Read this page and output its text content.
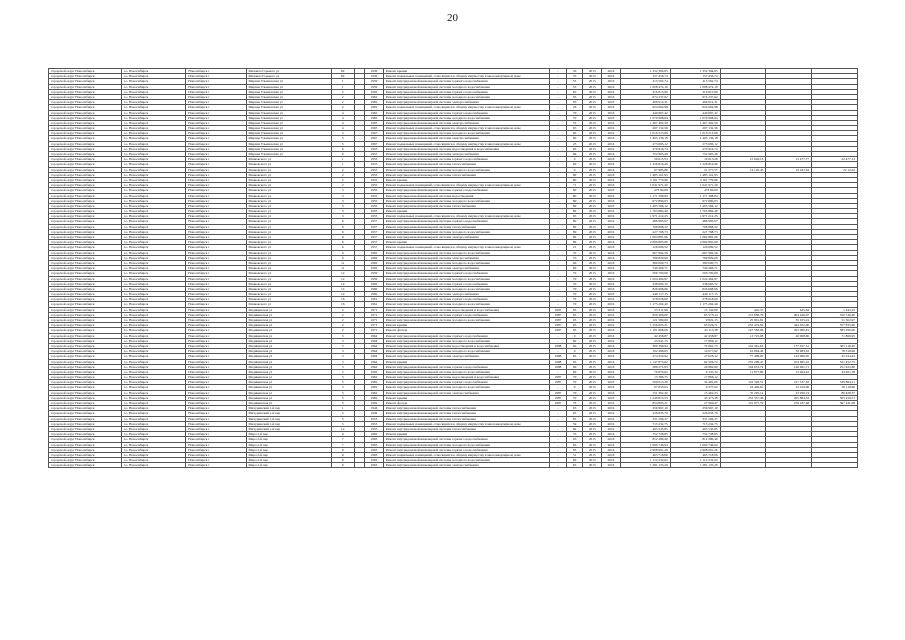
20
городской округ Новосибирск	г.о. Новосибирск	Новосибирск г	Михаила Горького ул	82		1939	Ремонт крыши	-	50	2015	2016	1 352 384,65	1 352 384,65			
городской округ Новосибирск	г.о. Новосибирск	Новосибирск г	Михаила Горького ул	82		1939	Ремонт подвальных помещений, относящихся к общему имуществу в многоквартирном доме	-	55	2015	2016	157 456,74	157 456,74			
городской округ Новосибирск	г.о. Новосибирск	Новосибирск г	Мирная Ульяновская ул	1		1959	Ремонт внутридомовой инженерной системы горячего водоснабжения	-	53	2015	2016	415 562,74	415 562,74			
городской округ Новосибирск	г.о. Новосибирск	Новосибирск г	Мирная Ульяновская ул	1		1959	Ремонт внутридомовой инженерной системы холодного водоснабжения	-	55	2015	2016	1 008 474,10	1 008 474,10			
городской округ Новосибирск	г.о. Новосибирск	Новосибирск г	Мирная Ульяновская ул	2		1962	Ремонт внутридомовой инженерной системы горячего водоснабжения	-	65	2015	2016	316 815,60	316 815,60			
городской округ Новосибирск	г.о. Новосибирск	Новосибирск г	Мирная Ульяновская ул	2		1962	Ремонт внутридомовой инженерной системы холодного водоснабжения	-	65	2015	2016	674 237,62	674 237,62			
городской округ Новосибирск	г.о. Новосибирск	Новосибирск г	Мирная Ульяновская ул	2		1962	Ремонт внутридомовой инженерной системы электроснабжения	-	65	2015	2016	406 912,31	406 912,31			
городской округ Новосибирск	г.о. Новосибирск	Новосибирск г	Мирная Ульяновская ул	2		1962	Ремонт подвальных помещений, относящихся к общему имуществу в многоквартирном доме	-	26	2015	2016	624 964,98	624 964,98			
городской округ Новосибирск	г.о. Новосибирск	Новосибирск г	Мирная Ульяновская ул	4		1965	Ремонт внутридомовой инженерной системы горячего водоснабжения	-	70	2015	2016	440 667,42	440 667,42			
городской округ Новосибирск	г.о. Новосибирск	Новосибирск г	Мирная Ульяновская ул	4		1965	Ремонт внутридомовой инженерной системы холодного водоснабжения	-	70	2015	2016	1 079 908,64	1 079 908,64			
городской округ Новосибирск	г.о. Новосибирск	Новосибирск г	Мирная Ульяновская ул	4		1965	Ремонт внутридомовой инженерной системы электроснабжения	-	70	2015	2016	1 467 462,59	1 467 462,59			
городской округ Новосибирск	г.о. Новосибирск	Новосибирск г	Мирная Ульяновская ул	4		1965	Ремонт подвальных помещений, относящихся к общему имуществу в многоквартирном доме	-	65	2015	2016	297 132,56	297 132,56			
городской округ Новосибирск	г.о. Новосибирск	Новосибирск г	Мирная Ульяновская ул	5		1967	Ремонт внутридомовой инженерной системы холодного водоснабжения	-	60	2015	2016	1 016 213,69	1 016 213,69			
городской округ Новосибирск	г.о. Новосибирск	Новосибирск г	Мирная Ульяновская ул	5		1967	Ремонт внутридомовой инженерной системы электроснабжения	-	60	2015	2016	1 405 136,18	1 405 136,18			
городской округ Новосибирск	г.о. Новосибирск	Новосибирск г	Мирная Ульяновская ул	5		1967	Ремонт подвальных помещений, относящихся к общему имуществу в многоквартирном доме	-	25	2015	2016	273 695,12	273 695,12			
городской округ Новосибирск	г.о. Новосибирск	Новосибирск г	Мирная Ульяновская ул	6		1955	Ремонт внутридомовой инженерной системы водоотведения и водоснабжения	-	60	2015	2016	270 916,74	270 916,74			
городской округ Новосибирск	г.о. Новосибирск	Новосибирск г	Мирная Ульяновская ул	6		1955	Ремонт внутридомовой инженерной системы электроснабжения	-	69	2015	2016	752 905,46	752 905,46			
городской округ Новосибирск	г.о. Новосибирск	Новосибирск г	Маяковского ул	1		1955	Ремонт внутридомовой инженерной системы горячего водоснабжения	-	0	2015	2016	50 615,53	19 613,29	15 626,13	15 477,77	22 477,13
городской округ Новосибирск	г.о. Новосибирск	Новосибирск г	Маяковского ул	1		1955	Ремонт внутридомовой инженерной системы теплоснабжения	-	60	2015	2016	1 226 816,40	1 226 816,40			
городской округ Новосибирск	г.о. Новосибирск	Новосибирск г	Маяковского ул	2		1955	Ремонт внутридомовой инженерной системы холодного водоснабжения	-	0	2015	2016	67 985,86	21 377,57	14 120,45	19 247,63	22 12,02
городской округ Новосибирск	г.о. Новосибирск	Новосибирск г	Маяковского ул	2		1955	Ремонт внутридомовой инженерной системы теплоснабжения	-	80	2015	2016	1 485 101,95	1 485 101,95			
городской округ Новосибирск	г.о. Новосибирск	Новосибирск г	Маяковского ул	2		1955	Ремонт крыши	-	80	2015	2016	3 161 779,66	3 161 779,66			
городской округ Новосибирск	г.о. Новосибирск	Новосибирск г	Маяковского ул	2		1955	Ремонт подвальных помещений, относящихся к общему имуществу в многоквартирном доме	-	71	2015	2016	1 041 971,20	1 041 971,20			
городской округ Новосибирск	г.о. Новосибирск	Новосибирск г	Маяковского ул	3		1955	Ремонт внутридомовой инженерной системы горячего водоснабжения	-	60	2015	2016	473 84,69	473 84,69			
городской округ Новосибирск	г.о. Новосибирск	Новосибирск г	Маяковского ул	3		1955	Ремонт внутридомовой инженерной системы водоотведения	-	80	2015	2016	1 171 398,84	1 171 398,84			
городской округ Новосибирск	г.о. Новосибирск	Новосибирск г	Маяковского ул	3		1955	Ремонт внутридомовой инженерной системы холодного водоснабжения	-	80	2015	2016	672 890,03	672 890,03			
городской округ Новосибирск	г.о. Новосибирск	Новосибирск г	Маяковского ул	3		1955	Ремонт внутридомовой инженерной системы теплоснабжения	-	80	2015	2016	1 405 566,12	1 405 566,12			
городской округ Новосибирск	г.о. Новосибирск	Новосибирск г	Маяковского ул	3		1955	Ремонт крыши	-	80	2015	2016	1 763 884,40	1 763 884,40			
городской округ Новосибирск	г.о. Новосибирск	Новосибирск г	Маяковского ул	3		1955	Ремонт подвальных помещений, относящихся к общему имуществу в многоквартирном доме	-	65	2015	2016	1 971 212,25	1 971 212,25			
городской округ Новосибирск	г.о. Новосибирск	Новосибирск г	Маяковского ул	6		1957	Ремонт внутридомовой инженерной системы горячего водоснабжения	-	80	2015	2016	486 983,67	486 983,67			
городской округ Новосибирск	г.о. Новосибирск	Новосибирск г	Маяковского ул	6		1957	Ремонт внутридомовой инженерной системы теплоснабжения	-	80	2015	2016	768 868,32	768 868,32			
городской округ Новосибирск	г.о. Новосибирск	Новосибирск г	Маяковского ул	6		1957	Ремонт внутридомовой инженерной системы холодного водоснабжения	-	80	2015	2016	227 768,73	227 768,73			
городской округ Новосибирск	г.о. Новосибирск	Новосибирск г	Маяковского ул	6		1957	Ремонт внутридомовой инженерной системы электроснабжения	-	80	2015	2016	1 064 881,06	1 064 881,06			
городской округ Новосибирск	г.о. Новосибирск	Новосибирск г	Маяковского ул	6		1957	Ремонт крыши	-	80	2015	2016	2 669 865,60	2 669 865,60			
городской округ Новосибирск	г.о. Новосибирск	Новосибирск г	Маяковского ул	6		1957	Ремонт подвальных помещений, относящихся к общему имуществу в многоквартирном доме	-	21	2015	2016	126 699,52	126 699,52			
городской округ Новосибирск	г.о. Новосибирск	Новосибирск г	Маяковского ул	9		1962	Ремонт внутридомовой инженерной системы холодного водоснабжения	-	70	2015	2016	667 992,56	667 992,56			
городской округ Новосибирск	г.о. Новосибирск	Новосибирск г	Маяковского ул	9		1962	Ремонт внутридомовой инженерной системы электроснабжения	-	70	2015	2016	769 829,09	769 829,09			
городской округ Новосибирск	г.о. Новосибирск	Новосибирск г	Маяковского ул	11		1962	Ремонт внутридомовой инженерной системы холодного водоснабжения	-	60	2015	2016	380 000,73	380 000,73			
городской округ Новосибирск	г.о. Новосибирск	Новосибирск г	Маяковского ул	11		1962	Ремонт внутридомовой инженерной системы электроснабжения	-	60	2015	2016	749 466,71	749 466,71			
городской округ Новосибирск	г.о. Новосибирск	Новосибирск г	Маяковского ул	12		1959	Ремонт внутридомовой инженерной системы горячего водоснабжения	-	70	2015	2016	506 700,09	506 700,09			
городской округ Новосибирск	г.о. Новосибирск	Новосибирск г	Маяковского ул	12		1959	Ремонт внутридомовой инженерной системы холодного водоснабжения	-	70	2015	2016	1 024 464,97	1 024 464,97			
городской округ Новосибирск	г.о. Новосибирск	Новосибирск г	Маяковского ул	14		1960	Ремонт внутридомовой инженерной системы горячего водоснабжения	-	70	2015	2016	238 693,32	238 693,32			
городской округ Новосибирск	г.о. Новосибирск	Новосибирск г	Маяковского ул	14		1960	Ремонт внутридомовой инженерной системы холодного водоснабжения	-	70	2015	2016	826 668,66	826 668,66			
городской округ Новосибирск	г.о. Новосибирск	Новосибирск г	Маяковского ул	14		1960	Ремонт внутридомовой инженерной системы электроснабжения	-	70	2015	2016	449 117,15	449 117,15			
городской округ Новосибирск	г.о. Новосибирск	Новосибирск г	Маяковского ул	16		1961	Ремонт внутридомовой инженерной системы горячего водоснабжения	-	70	2015	2016	278 618,60	278 618,60			
городской округ Новосибирск	г.о. Новосибирск	Новосибирск г	Маяковского ул	16		1961	Ремонт внутридомовой инженерной системы холодного водоснабжения	-	70	2015	2016	1 175 262,40	1 175 262,40			
городской округ Новосибирск	г.о. Новосибирск	Новосибирск г	Медицинская ул	2		1971	Ремонт внутридомовой инженерной системы водоотведения и водоснабжения	1987	65	2015	2016	55 311,96	13 142,00	445,37	645,64	1 443,23
городской округ Новосибирск	г.о. Новосибирск	Новосибирск г	Медицинская ул	2		1971	Ремонт внутридомовой инженерной системы горячего водоснабжения	1987	65	2015	2016	659 306,00	65 575,14	151 658,76	204 446,07	350 746,60
городской округ Новосибирск	г.о. Новосибирск	Новосибирск г	Медицинская ул	2		1971	Ремонт внутридомовой инженерной системы холодного водоснабжения	1987	65	2015	2016	121 580,60	9 822,15	25 901,81	35 105,24	51 302,97
городской округ Новосибирск	г.о. Новосибирск	Новосибирск г	Медицинская ул	2		1971	Ремонт крыши	1987	65	2015	2016	1 256 695,21	65 026,71	255 474,81	444 952,60	557 633,60
городской округ Новосибирск	г.о. Новосибирск	Новосибирск г	Медицинская ул	2		1971	Ремонт фасада	1987	65	2015	2016	1 101 608,00	43 113,38	147 582,96	452 960,81	385 290,00
городской округ Новосибирск	г.о. Новосибирск	Новосибирск г	Медицинская ул	3		1964	Ремонт внутридомовой инженерной системы горячего водоснабжения	-	0	2015	2016	42 458,87	42 458,87	13 725,08	26 008,00	71 866,95
городской округ Новосибирск	г.о. Новосибирск	Новосибирск г	Медицинская ул	3		1964	Ремонт внутридомовой инженерной системы холодного водоснабжения	-	60	2015	2016	25 941,15	17 866,12			
городской округ Новосибирск	г.о. Новосибирск	Новосибирск г	Медицинская ул	3		1964	Ремонт внутридомовой инженерной системы водоотведения и водоснабжения	1988	60	2015	2016	300 396,94	74 661,73	142 461,63	177 457,51	305 118,40
городской округ Новосибирск	г.о. Новосибирск	Новосибирск г	Медицинская ул	3		1964	Ремонт внутридомовой инженерной системы холодного водоснабжения	-	0	2015	2016	102 498,65	14 677,62	16 094,42	52 985,16	78 318,96
городской округ Новосибирск	г.о. Новосибирск	Новосибирск г	Медицинская ул	3		1964	Ремонт внутридомовой инженерной системы электроснабжения	1988	65	2015	2016	274 254,92	27 028,12	77 406,09	144 966,95	45 244,43
городской округ Новосибирск	г.о. Новосибирск	Новосибирск г	Медицинская ул	3		1964	Ремонт крыши	1988	65	2015	2016	1 147 873,62	62 506,74	255 299,47	474 665,10	521 452,75
городской округ Новосибирск	г.о. Новосибирск	Новосибирск г	Медицинская ул	5		1962	Ремонт внутридомовой инженерной системы горячего водоснабжения	1988	60	2015	2016	286 271,93	29 982,90	104 051,72	146 061,71	251 023,60
городской округ Новосибирск	г.о. Новосибирск	Новосибирск г	Медицинская ул	5		1962	Ремонт внутридомовой инженерной системы холодного водоснабжения	-	60	2015	2016	76 879,62	6 135,34	11 877,89	15 464,61	43 401,78
городской округ Новосибирск	г.о. Новосибирск	Новосибирск г	Медицинская ул	5		1962	Ремонт внутридомовой инженерной системы водоотведения и водоснабжения	1987	70	2015	2016	15 386,75	17 866,12			
городской округ Новосибирск	г.о. Новосибирск	Новосибирск г	Медицинская ул	5		1962	Ремонт внутридомовой инженерной системы горячего водоснабжения	1987	70	2015	2016	509 613,29	34 481,06	142 329,51	217 537,63	339 864,21
городской округ Новосибирск	г.о. Новосибирск	Новосибирск г	Медицинская ул	5		1962	Ремонт внутридомовой инженерной системы холодного водоснабжения	-	0	2015	2016	67 835,03	9 377,62	16 449,81	12 016,06	30 118,60
городской округ Новосибирск	г.о. Новосибирск	Новосибирск г	Медицинская ул	5		1962	Ремонт внутридомовой инженерной системы электроснабжения	1987	70	2015	2016	151 362,30	15 462,23	35 205,14	23 956,74	80 628,37
городской округ Новосибирск	г.о. Новосибирск	Новосибирск г	Медицинская ул	5		1962	Ремонт крыши	1987	70	2015	2016	1 240 813,53	45 475,38	252 337,46	455 804,53	505 259,51
городской округ Новосибирск	г.о. Новосибирск	Новосибирск г	Медицинская ул	5		1962	Ремонт фасада	1987	70	2015	2016	854 895,21	27 969,47	101 977,79	276 437,48	397 441,08
городской округ Новосибирск	г.о. Новосибирск	Новосибирск г	Мичуринский 1-й пер	1		1946	Ремонт внутридомовой инженерной системы теплоснабжения	-	63	2015	2016	256 967,10	256 967,10			
городской округ Новосибирск	г.о. Новосибирск	Новосибирск г	Мичуринский 1-й пер	3		1949	Ремонт внутридомовой инженерной системы теплоснабжения	-	65	2015	2016	226 633,79	226 633,79			
городской округ Новосибирск	г.о. Новосибирск	Новосибирск г	Мичуринский 1-й пер	5		1953	Ремонт внутридомовой инженерной системы теплоснабжения	-	65	2015	2016	331 296,37	331 296,37			
городской округ Новосибирск	г.о. Новосибирск	Новосибирск г	Мичуринский 1-й пер	5		1953	Ремонт подвальных помещений, относящихся к общему имуществу в многоквартирном доме	-	59	2015	2016	715 232,75	715 232,75			
городской округ Новосибирск	г.о. Новосибирск	Новосибирск г	Мичуринский 1-й пер	12		1955	Ремонт внутридомовой инженерной системы теплоснабжения	-	60	2015	2016	405 545,85	405 545,85			
городской округ Новосибирск	г.о. Новосибирск	Новосибирск г	Мира 2-й пер	6		1962	Ремонт крыши	-	70	2015	2016	752 728,85	752 728,85			
городской округ Новосибирск	г.о. Новосибирск	Новосибирск г	Мира 2-й пер	7		1963	Ремонт внутридомовой инженерной системы горячего водоснабжения	-	65	2015	2016	812 280,40	812 280,40			
городской округ Новосибирск	г.о. Новосибирск	Новосибирск г	Мира 2-й пер	7		1963	Ремонт внутридомовой инженерной системы холодного водоснабжения	-	65	2015	2016	1 090 746,94	1 090 746,94			
городской округ Новосибирск	г.о. Новосибирск	Новосибирск г	Мира 2-й пер	9		1963	Ремонт внутридомовой инженерной системы горячего водоснабжения	-	65	2015	2016	2 908 991,26	2 908 991,26			
городской округ Новосибирск	г.о. Новосибирск	Новосибирск г	Мира 2-й пер	9		1963	Ремонт подвальных помещений, относящихся к общему имуществу в многоквартирном доме	-	51	2015	2016	463 718,06	463 718,06			
городской округ Новосибирск	г.о. Новосибирск	Новосибирск г	Мира 2-й пер	9		1963	Ремонт внутридомовой инженерной системы холодного водоснабжения	-	60	2015	2016	1 112 232,62	1 112 232,62			
городской округ Новосибирск	г.о. Новосибирск	Новосибирск г	Мира 2-й пер	9		1963	Ремонт внутридомовой инженерной системы электроснабжения	-	65	2015	2016	1 281 135,29	1 281 135,29			
